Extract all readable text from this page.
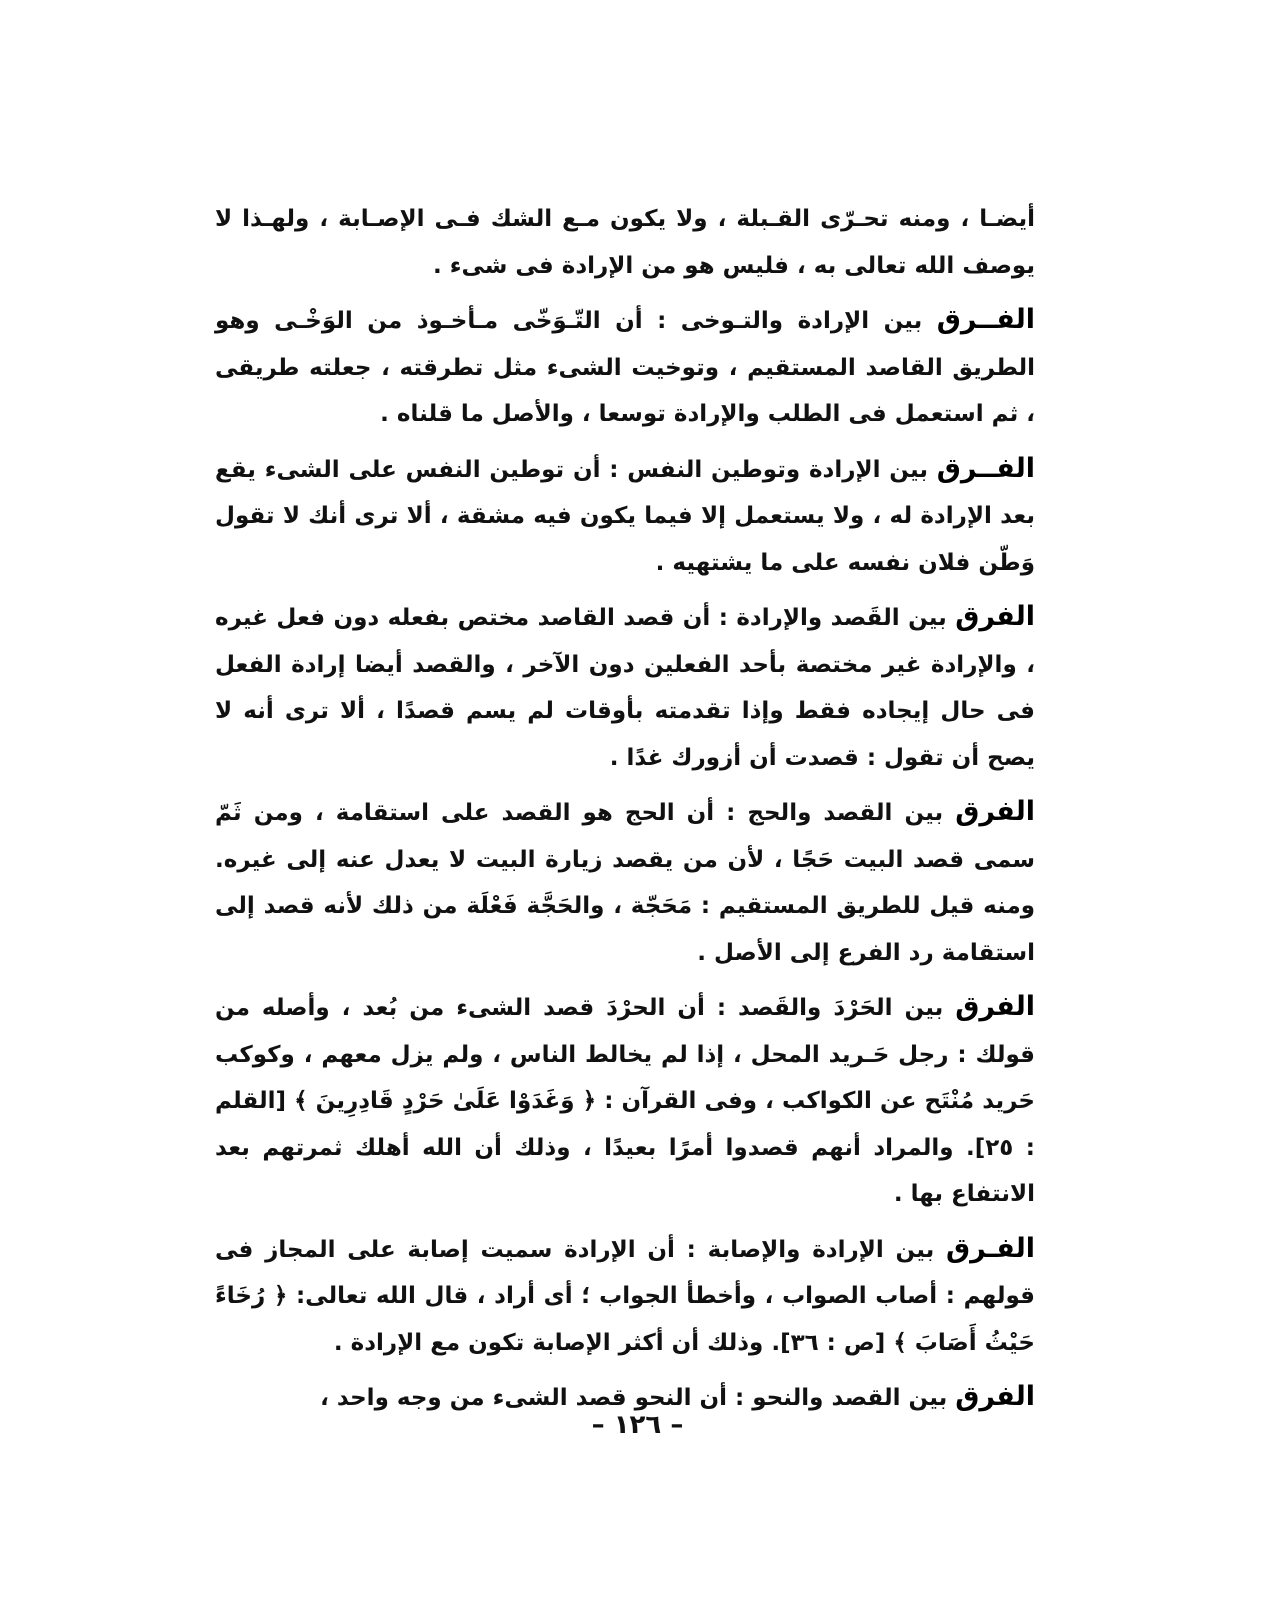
أيضـا ، ومنه تحـرّى القـبلة ، ولا يكون مـع الشك فـى الإصـابة ، ولهـذا لا يوصف الله تعالى به ، فليس هو من الإرادة فى شىء .

الفــرق بين الإرادة والتـوخى : أن التّـوَخّى مـأخـوذ من الوَخْـى وهو الطريق القاصد المستقيم ، وتوخيت الشىء مثل تطرقته ، جعلته طريقى ، ثم استعمل فى الطلب والإرادة توسعا ، والأصل ما قلناه .

الفــرق بين الإرادة وتوطين النفس : أن توطين النفس على الشىء يقع بعد الإرادة له ، ولا يستعمل إلا فيما يكون فيه مشقة ، ألا ترى أنك لا تقول وَطّن فلان نفسه على ما يشتهيه .

الفرق بين القَصد والإرادة : أن قصد القاصد مختص بفعله دون فعل غيره ، والإرادة غير مختصة بأحد الفعلين دون الآخر ، والقصد أيضا إرادة الفعل فى حال إيجاده فقط وإذا تقدمته بأوقات لم يسم قصدًا ، ألا ترى أنه لا يصح أن تقول : قصدت أن أزورك غدًا .

الفرق بين القصد والحج : أن الحج هو القصد على استقامة ، ومن ثَمّ سمى قصد البيت حَجًا ، لأن من يقصد زيارة البيت لا يعدل عنه إلى غيره. ومنه قيل للطريق المستقيم : مَحَجّة ، والحَجَّة فَعْلَة من ذلك لأنه قصد إلى استقامة رد الفرع إلى الأصل .

الفرق بين الحَرْدَ والقَصد : أن الحرْدَ قصد الشىء من بُعد ، وأصله من قولك : رجل حَـريد المحل ، إذا لم يخالط الناس ، ولم يزل معهم ، وكوكب حَريد مُنْتَح عن الكواكب ، وفى القرآن : ﴿ وَغَدَوْا عَلَىٰ حَرْدٍ قَادِرِينَ ﴾ [القلم : ٢٥]. والمراد أنهم قصدوا أمرًا بعيدًا ، وذلك أن الله أهلك ثمرتهم بعد الانتفاع بها .

الفـرق بين الإرادة والإصابة : أن الإرادة سميت إصابة على المجاز فى قولهم : أصاب الصواب ، وأخطأ الجواب ؛ أى أراد ، قال الله تعالى: ﴿ رُخَاءً حَيْثُ أَصَابَ ﴾ [ص : ٣٦]. وذلك أن أكثر الإصابة تكون مع الإرادة .

الفرق بين القصد والنحو : أن النحو قصد الشىء من وجه واحد ،

– ١٢٦ –
